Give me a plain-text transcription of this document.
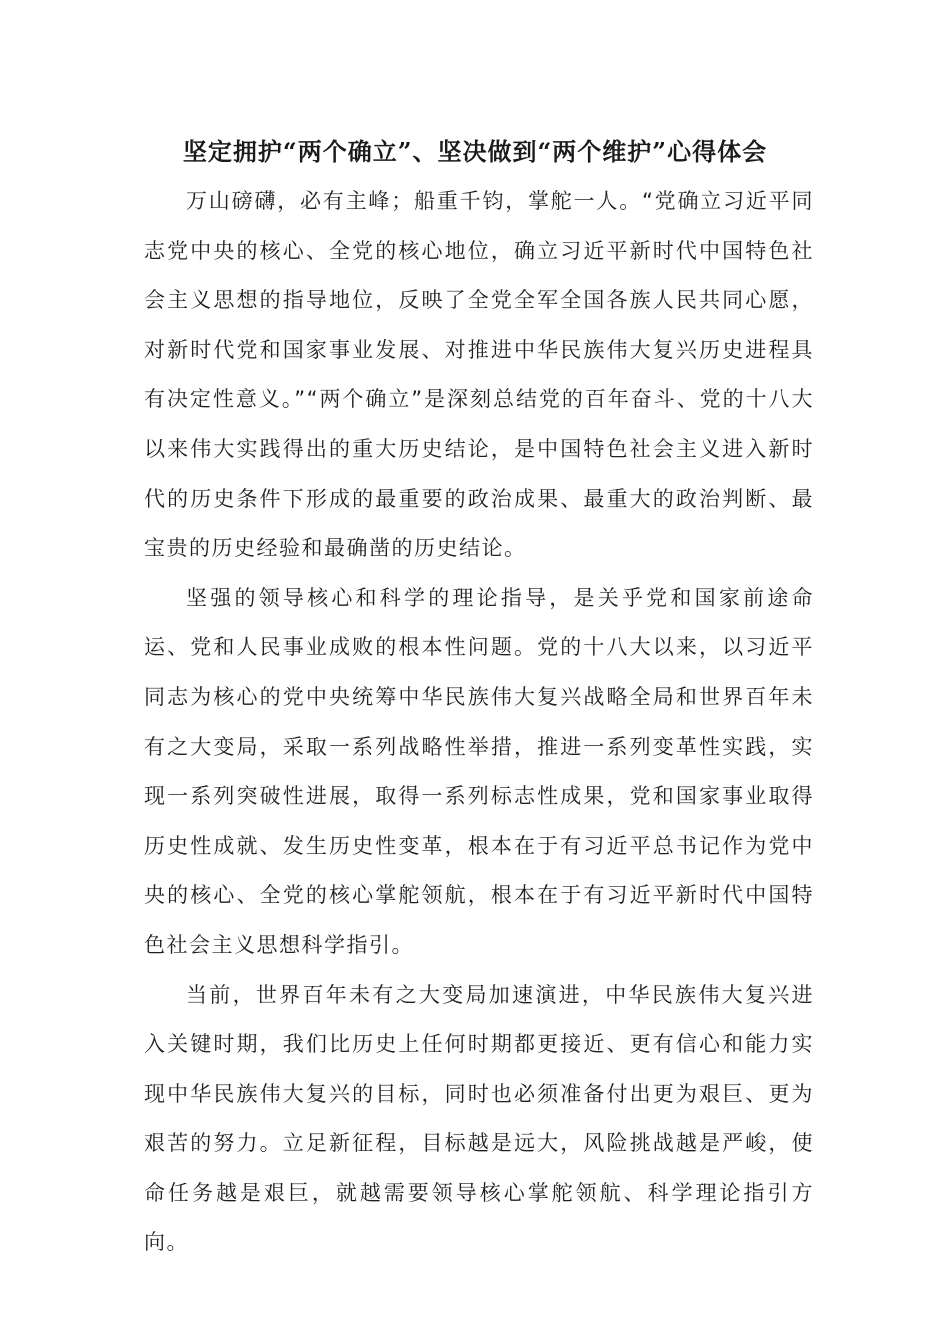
坚定拥护“两个确立”、坚决做到“两个维护”心得体会

万山磅礴，必有主峰；船重千钧，掌舵一人。“党确立习近平同志党中央的核心、全党的核心地位，确立习近平新时代中国特色社会主义思想的指导地位，反映了全党全军全国各族人民共同心愿，对新时代党和国家事业发展、对推进中华民族伟大复兴历史进程具有决定性意义。”“两个确立”是深刻总结党的百年奋斗、党的十八大以来伟大实践得出的重大历史结论，是中国特色社会主义进入新时代的历史条件下形成的最重要的政治成果、最重大的政治判断、最宝贵的历史经验和最确凿的历史结论。

坚强的领导核心和科学的理论指导，是关乎党和国家前途命运、党和人民事业成败的根本性问题。党的十八大以来，以习近平同志为核心的党中央统筹中华民族伟大复兴战略全局和世界百年未有之大变局，采取一系列战略性举措，推进一系列变革性实践，实现一系列突破性进展，取得一系列标志性成果，党和国家事业取得历史性成就、发生历史性变革，根本在于有习近平总书记作为党中央的核心、全党的核心掌舵领航，根本在于有习近平新时代中国特色社会主义思想科学指引。

当前，世界百年未有之大变局加速演进，中华民族伟大复兴进入关键时期，我们比历史上任何时期都更接近、更有信心和能力实现中华民族伟大复兴的目标，同时也必须准备付出更为艰巨、更为艰苦的努力。立足新征程，目标越是远大，风险挑战越是严峻，使命任务越是艰巨，就越需要领导核心掌舵领航、科学理论指引方向。
